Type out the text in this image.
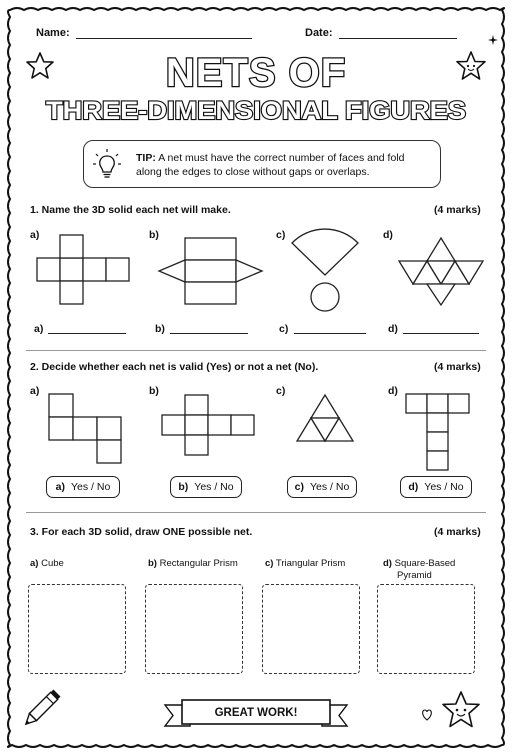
Name:	Date:
NETS OF
THREE-DIMENSIONAL FIGURES
TIP: A net must have the correct number of faces and fold
along the edges to close without gaps or overlaps.
1. Name the 3D solid each net will make.	(4 marks)
a)	b)	c)	d)
a)	b)	c)	d)
2. Decide whether each net is valid (Yes) or not a net (No).	(4 marks)
a)	b)	c)	d)
a) Yes / No	b) Yes / No	c) Yes / No	d) Yes / No
3. For each 3D solid, draw ONE possible net.	(4 marks)
a) Cube	b) Rectangular Prism	c) Triangular Prism	d) Square-Based
Pyramid
GREAT WORK!
